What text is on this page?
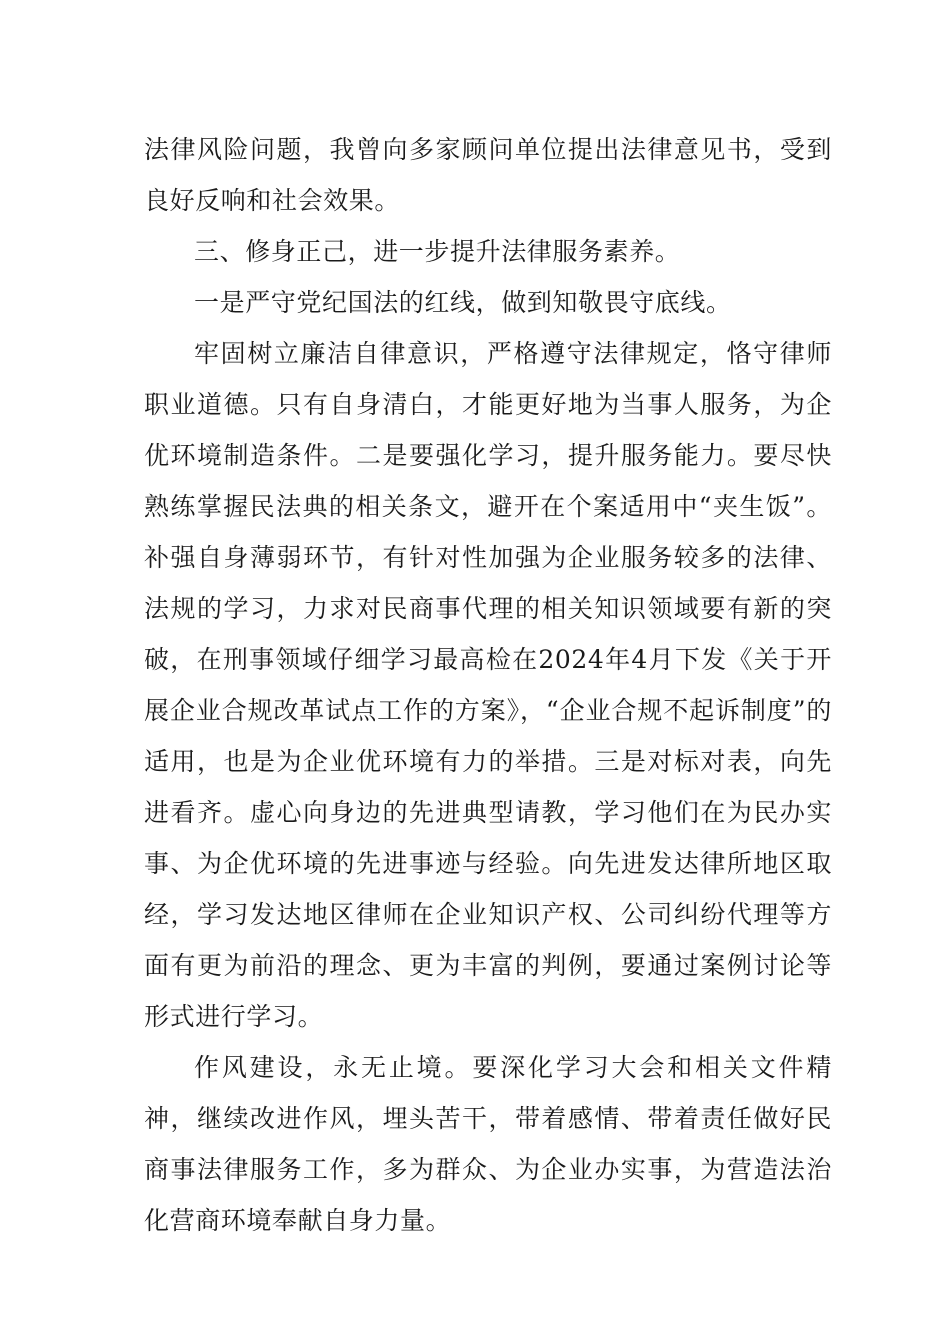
法律风险问题，我曾向多家顾问单位提出法律意见书，受到良好反响和社会效果。

三、修身正己，进一步提升法律服务素养。

一是严守党纪国法的红线，做到知敬畏守底线。

牢固树立廉洁自律意识，严格遵守法律规定，恪守律师职业道德。只有自身清白，才能更好地为当事人服务，为企优环境制造条件。二是要强化学习，提升服务能力。要尽快熟练掌握民法典的相关条文，避开在个案适用中“夹生饭”。补强自身薄弱环节，有针对性加强为企业服务较多的法律、法规的学习，力求对民商事代理的相关知识领域要有新的突破，在刑事领域仔细学习最高检在2024年4月下发《关于开展企业合规改革试点工作的方案》，“企业合规不起诉制度”的适用，也是为企业优环境有力的举措。三是对标对表，向先进看齐。虚心向身边的先进典型请教，学习他们在为民办实事、为企优环境的先进事迹与经验。向先进发达律所地区取经，学习发达地区律师在企业知识产权、公司纠纷代理等方面有更为前沿的理念、更为丰富的判例，要通过案例讨论等形式进行学习。

作风建设，永无止境。要深化学习大会和相关文件精神，继续改进作风，埋头苦干，带着感情、带着责任做好民商事法律服务工作，多为群众、为企业办实事，为营造法治化营商环境奉献自身力量。
